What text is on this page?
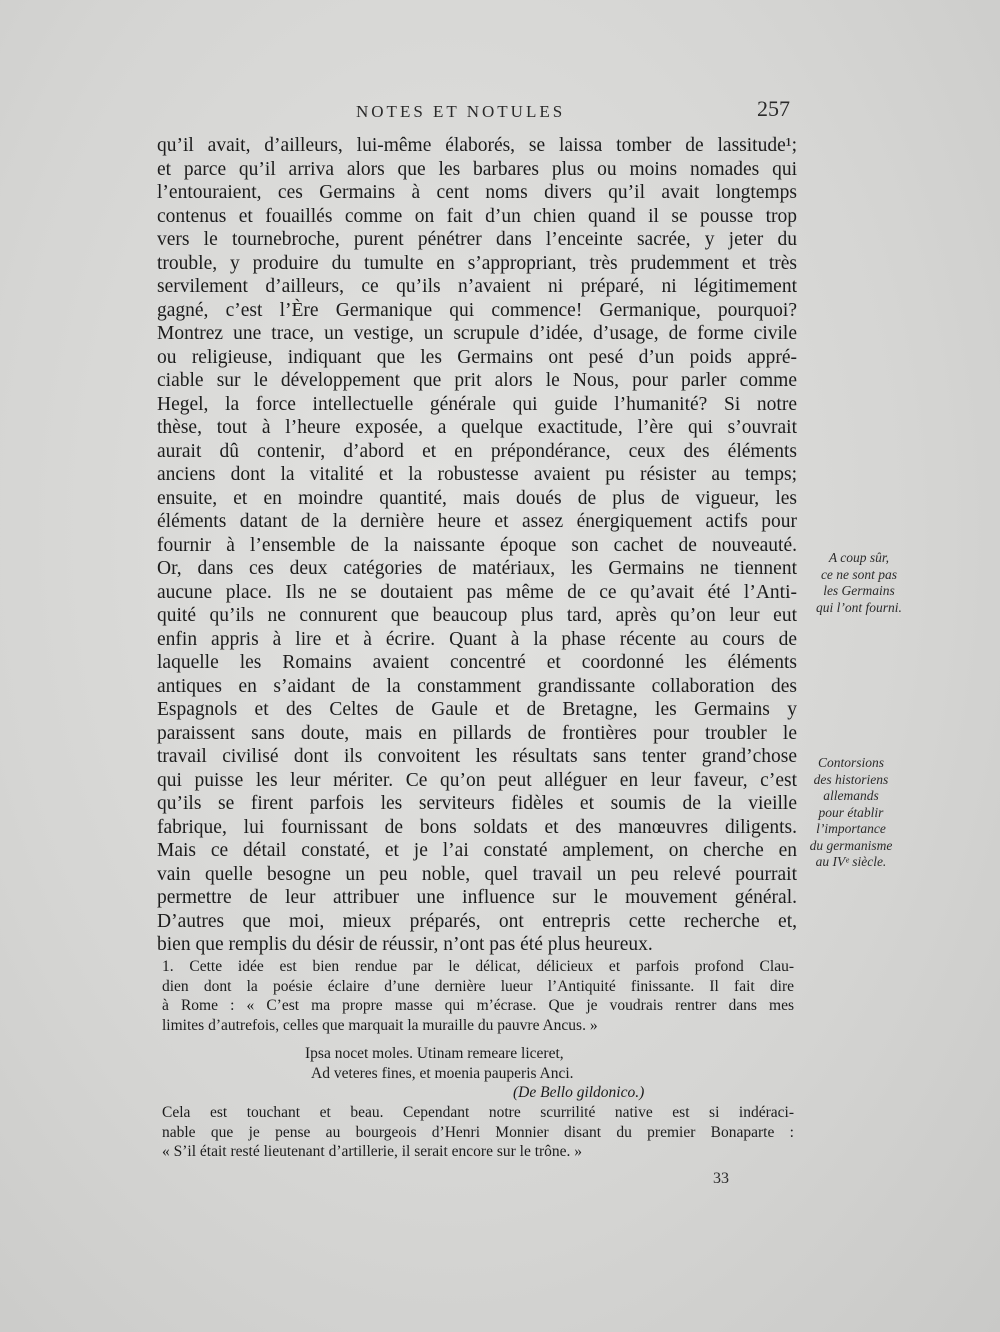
NOTES ET NOTULES	257
qu’il avait, d’ailleurs, lui-même élaborés, se laissa tomber de lassitude¹;
et parce qu’il arriva alors que les barbares plus ou moins nomades qui
l’entouraient, ces Germains à cent noms divers qu’il avait longtemps
contenus et fouaillés comme on fait d’un chien quand il se pousse trop
vers le tournebroche, purent pénétrer dans l’enceinte sacrée, y jeter du
trouble, y produire du tumulte en s’appropriant, très prudemment et très
servilement d’ailleurs, ce qu’ils n’avaient ni préparé, ni légitimement
gagné, c’est l’Ère Germanique qui commence! Germanique, pourquoi?
Montrez une trace, un vestige, un scrupule d’idée, d’usage, de forme civile
ou religieuse, indiquant que les Germains ont pesé d’un poids appré-
ciable sur le développement que prit alors le Nous, pour parler comme
Hegel, la force intellectuelle générale qui guide l’humanité? Si notre
thèse, tout à l’heure exposée, a quelque exactitude, l’ère qui s’ouvrait
aurait dû contenir, d’abord et en prépondérance, ceux des éléments
anciens dont la vitalité et la robustesse avaient pu résister au temps;
ensuite, et en moindre quantité, mais doués de plus de vigueur, les
éléments datant de la dernière heure et assez énergiquement actifs pour
fournir à l’ensemble de la naissante époque son cachet de nouveauté.
Or, dans ces deux catégories de matériaux, les Germains ne tiennent
aucune place. Ils ne se doutaient pas même de ce qu’avait été l’Anti-
quité qu’ils ne connurent que beaucoup plus tard, après qu’on leur eut
enfin appris à lire et à écrire. Quant à la phase récente au cours de
laquelle les Romains avaient concentré et coordonné les éléments
antiques en s’aidant de la constamment grandissante collaboration des
Espagnols et des Celtes de Gaule et de Bretagne, les Germains y
paraissent sans doute, mais en pillards de frontières pour troubler le
travail civilisé dont ils convoitent les résultats sans tenter grand’chose
qui puisse les leur mériter. Ce qu’on peut alléguer en leur faveur, c’est
qu’ils se firent parfois les serviteurs fidèles et soumis de la vieille
fabrique, lui fournissant de bons soldats et des manœuvres diligents.
Mais ce détail constaté, et je l’ai constaté amplement, on cherche en
vain quelle besogne un peu noble, quel travail un peu relevé pourrait
permettre de leur attribuer une influence sur le mouvement général.
D’autres que moi, mieux préparés, ont entrepris cette recherche et,
bien que remplis du désir de réussir, n’ont pas été plus heureux.
A coup sûr,
ce ne sont pas
les Germains
qui l’ont fourni.
Contorsions
des historiens
allemands
pour établir
l’importance
du germanisme
au IVᵉ siècle.
1. Cette idée est bien rendue par le délicat, délicieux et parfois profond Clau-
dien dont la poésie éclaire d’une dernière lueur l’Antiquité finissante. Il fait dire
à Rome : « C’est ma propre masse qui m’écrase. Que je voudrais rentrer dans mes
limites d’autrefois, celles que marquait la muraille du pauvre Ancus. »
Ipsa nocet moles. Utinam remeare liceret,
Ad veteres fines, et moenia pauperis Anci.
(De Bello gildonico.)
Cela est touchant et beau. Cependant notre scurrilité native est si indéraci-
nable que je pense au bourgeois d’Henri Monnier disant du premier Bonaparte :
« S’il était resté lieutenant d’artillerie, il serait encore sur le trône. »
33
